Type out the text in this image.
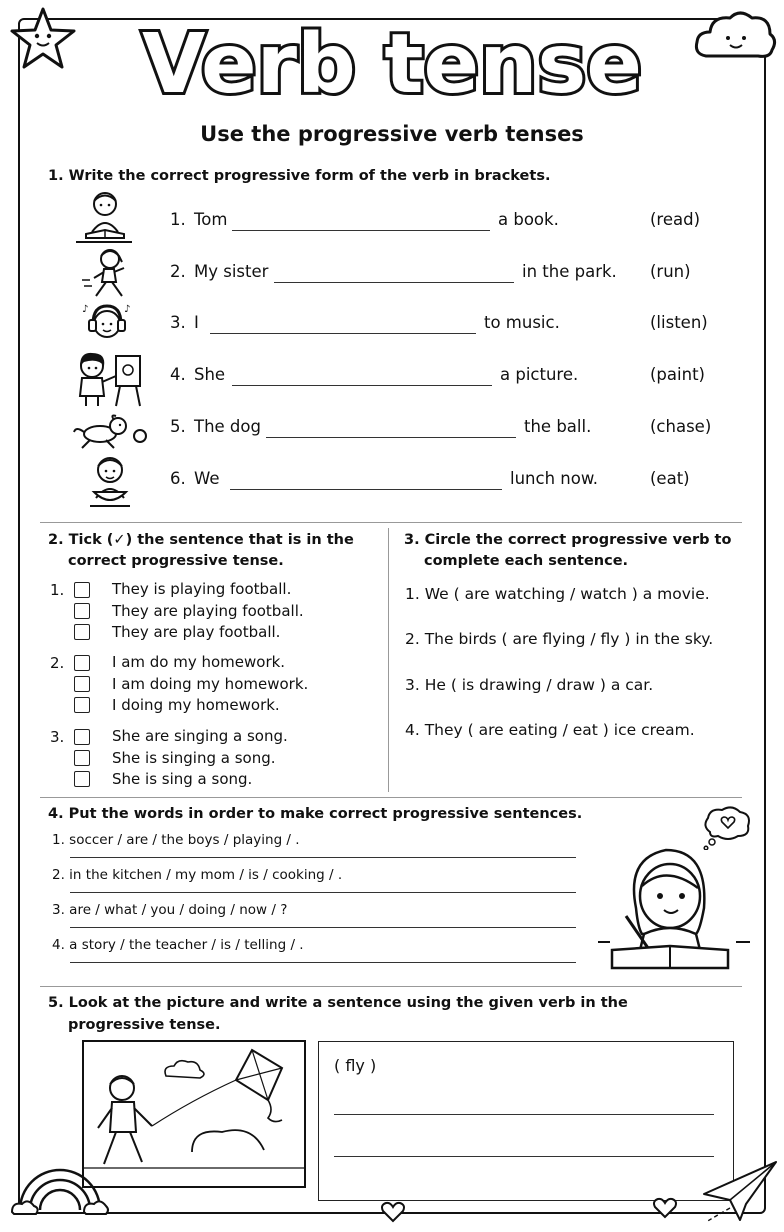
Verb tense
Use the progressive verb tenses
1. Write the correct progressive form of the verb in brackets.
♪	♪
1. Tom	a book.	(read)
2. My sister	in the park. (run)
3. I	to music.	(listen)
4. She	a picture.	(paint)
5. The dog	the ball.	(chase)
6. We	lunch now.	(eat)
2. Tick (✓) the sentence that is in the
correct progressive tense.
1.	They is playing football.
They are playing football.
They are play football.
2.	I am do my homework.
I am doing my homework.
I doing my homework.
3.	She are singing a song.
She is singing a song.
She is sing a song.
3. Circle the correct progressive verb to
complete each sentence.
1. We ( are watching / watch ) a movie.
2. The birds ( are flying / fly ) in the sky.
3. He ( is drawing / draw ) a car.
4. They ( are eating / eat ) ice cream.
4. Put the words in order to make correct progressive sentences.
1. soccer / are / the boys / playing / .
2. in the kitchen / my mom / is / cooking / .
3. are / what / you / doing / now / ?
4. a story / the teacher / is / telling / .
5. Look at the picture and write a sentence using the given verb in the
progressive tense.
( fly )
